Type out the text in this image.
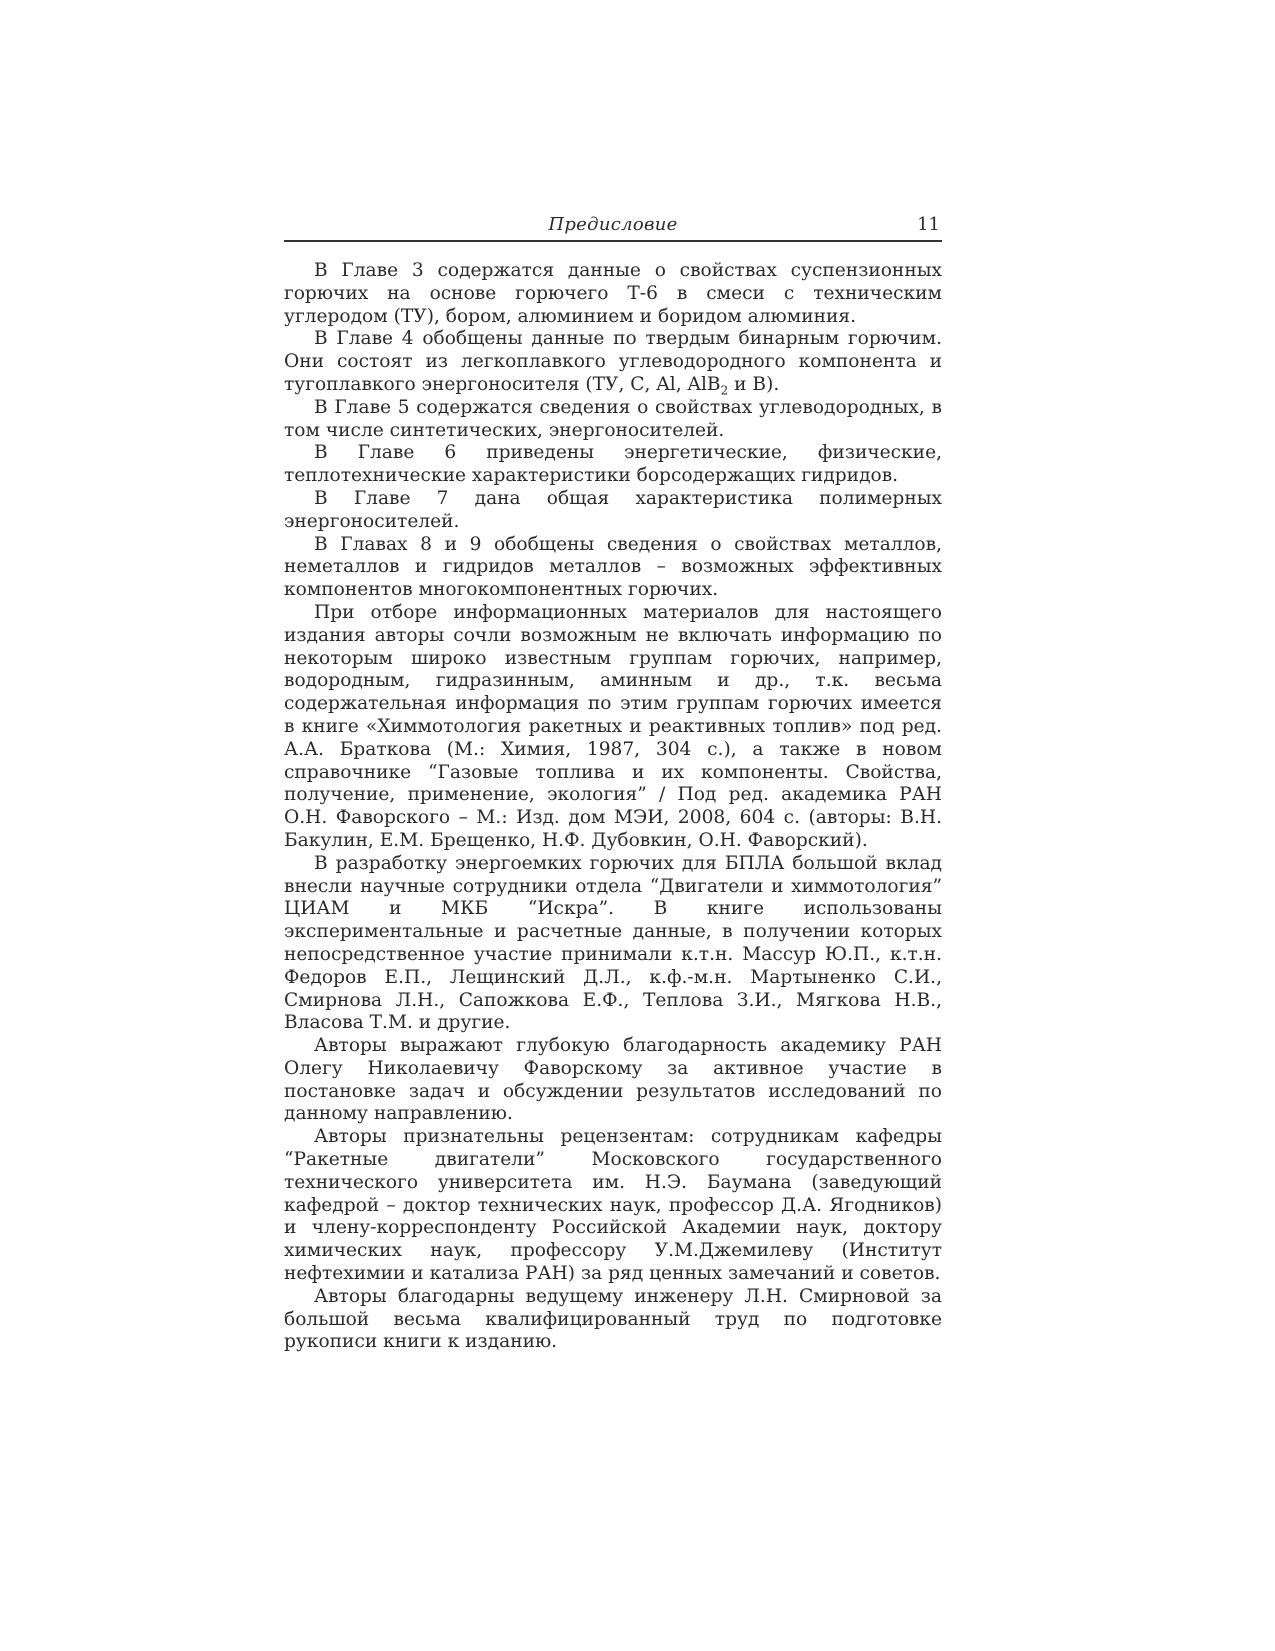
Предисловие	11

В Главе 3 содержатся данные о свойствах суспензионных горючих на основе горючего Т-6 в смеси с техническим углеродом (ТУ), бором, алюминием и боридом алюминия.

В Главе 4 обобщены данные по твердым бинарным горючим. Они состоят из легкоплавкого углеводородного компонента и тугоплавкого энергоносителя (ТУ, С, Al, AlB$_2$ и В).

В Главе 5 содержатся сведения о свойствах углеводородных, в том числе синтетических, энергоносителей.

В Главе 6 приведены энергетические, физические, теплотехнические характеристики борсодержащих гидридов.

В Главе 7 дана общая характеристика полимерных энергоносителей.

В Главах 8 и 9 обобщены сведения о свойствах металлов, неметаллов и гидридов металлов – возможных эффективных компонентов многокомпонентных горючих.

При отборе информационных материалов для настоящего издания авторы сочли возможным не включать информацию по некоторым широко известным группам горючих, например, водородным, гидразинным, аминным и др., т.к. весьма содержательная информация по этим группам горючих имеется в книге «Химмотология ракетных и реактивных топлив» под ред. А.А. Браткова (М.: Химия, 1987, 304 с.), а также в новом справочнике “Газовые топлива и их компоненты. Свойства, получение, применение, экология” / Под ред. академика РАН О.Н. Фаворского – М.: Изд. дом МЭИ, 2008, 604 с. (авторы: В.Н. Бакулин, Е.М. Брещенко, Н.Ф. Дубовкин, О.Н. Фаворский).

В разработку энергоемких горючих для БПЛА большой вклад внесли научные сотрудники отдела “Двигатели и химмотология” ЦИАМ и МКБ “Искра”. В книге использованы экспериментальные и расчетные данные, в получении которых непосредственное участие принимали к.т.н. Массур Ю.П., к.т.н. Федоров Е.П., Лещинский Д.Л., к.ф.-м.н. Мартыненко С.И., Смирнова Л.Н., Сапожкова Е.Ф., Теплова З.И., Мягкова Н.В., Власова Т.М. и другие.

Авторы выражают глубокую благодарность академику РАН Олегу Николаевичу Фаворскому за активное участие в постановке задач и обсуждении результатов исследований по данному направлению.

Авторы признательны рецензентам: сотрудникам кафедры “Ракетные двигатели” Московского государственного технического университета им. Н.Э. Баумана (заведующий кафедрой – доктор технических наук, профессор Д.А. Ягодников) и члену-корреспонденту Российской Академии наук, доктору химических наук, профессору У.М.Джемилеву (Институт нефтехимии и катализа РАН) за ряд ценных замечаний и советов.

Авторы благодарны ведущему инженеру Л.Н. Смирновой за большой весьма квалифицированный труд по подготовке рукописи книги к изданию.
